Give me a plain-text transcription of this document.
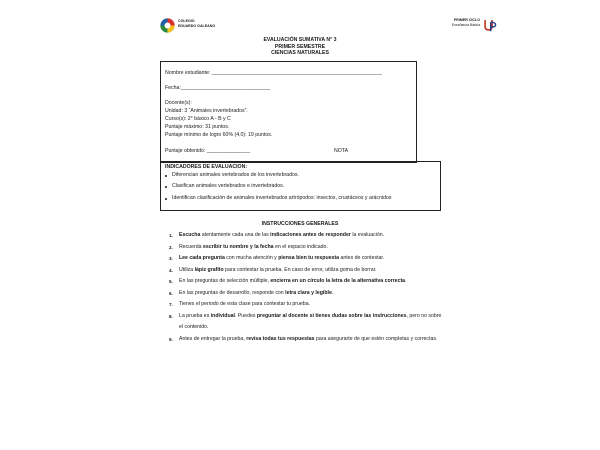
COLEGIO
EDUARDO GALEANO
PRIMER CICLO
Enseñanza Básica
EVALUACIÓN SUMATIVA N° 3
PRIMER SEMESTRE
CIENCIAS NATURALES
Nombre estudiante: ___________________________________________________________
Fecha:_______________________________
Docente(s):
Unidad: 3 “Animales invertebrados”.
Curso(s): 2° básico A - B y C
Puntaje máximo: 31 puntos.
Puntaje mínimo de logro 60% (4.0): 19 puntos.
Puntaje obtenido: _______________	NOTA
INDICADORES DE EVALUACION:
Diferencian animales vertebrados de los invertebrados.
Clasifican animales vertebrados e invertebrados.
Identifican clasificación de animales invertebrados artrópodos: insectos, crustáceos y arácnidos
INSTRUCCIONES GENERALES
1. Escucha atentamente cada una de las indicaciones antes de responder la evaluación.
2. Recuerda escribir tu nombre y la fecha en el espacio indicado.
3. Lee cada pregunta con mucha atención y piensa bien tu respuesta antes de contestar.
4. Utiliza lápiz grafito para contestar la prueba. En caso de error, utiliza goma de borrar.
5. En las preguntas de selección múltiple, encierra en un círculo la letra de la alternativa correcta.
6. En las preguntas de desarrollo, responde con letra clara y legible.
7. Tienes el periodo de esta clase para contestar tu prueba.
8. La prueba es individual. Puedes preguntar al docente si tienes dudas sobre las instrucciones, pero no sobre el contenido.
9. Antes de entregar la prueba, revisa todas tus respuestas para asegurarte de que estén completas y correctas.
